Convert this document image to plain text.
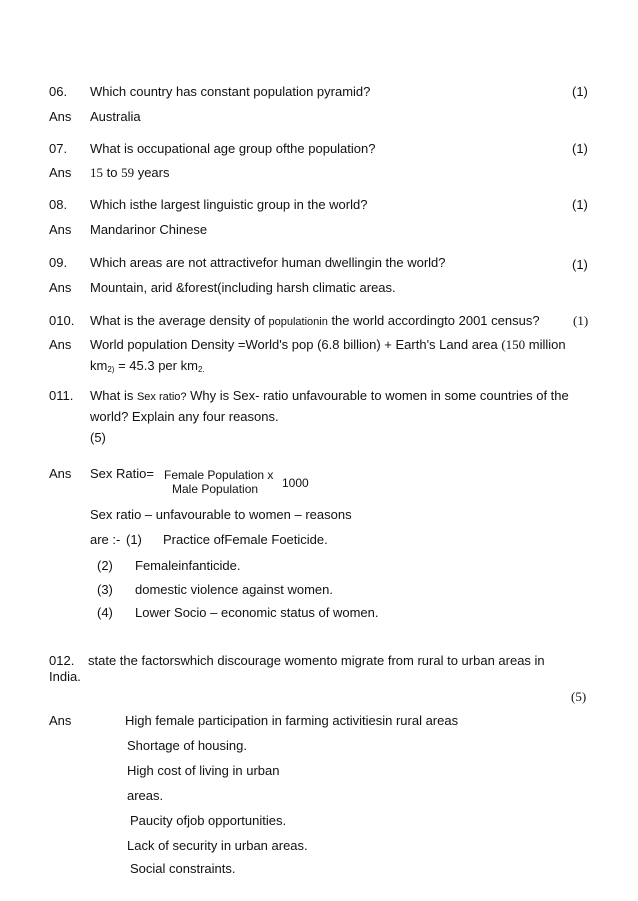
06. Which country has constant population pyramid?	(1)
Ans Australia
07. What is occupational age group ofthe population?	(1)
Ans 15 to 59 years
08. Which isthe largest linguistic group in the world?	(1)
Ans Mandarinor Chinese
09. Which areas are not attractivefor human dwellingin the world?	(1)
Ans Mountain, arid &forest(including harsh climatic areas.
010. What is the average density of populationin the world accordingto 2001 census?	(1)
Ans World population Density =World's pop (6.8 billion) + Earth's Land area (150 million
$km_{2)} = 45.3$ per $km_{2.}$
011. What is Sex ratio? Why is Sex- ratio unfavourable to women in some countries of the
world? Explain any four reasons.
(5)
Ans Sex Ratio= Female Population x
1000
Male Population
Sex ratio – unfavourable to women – reasons
are :- (1) Practice ofFemale Foeticide.
(2) Femaleinfanticide.
(3) domestic violence against women.
(4) Lower Socio – economic status of women.
012. state the factorswhich discourage womento migrate from rural to urban areas in
India.
(5)
Ans	High female participation in farming activitiesin rural areas
Shortage of housing.
High cost of living in urban
areas.
Paucity ofjob opportunities.
Lack of security in urban areas.
Social constraints.
